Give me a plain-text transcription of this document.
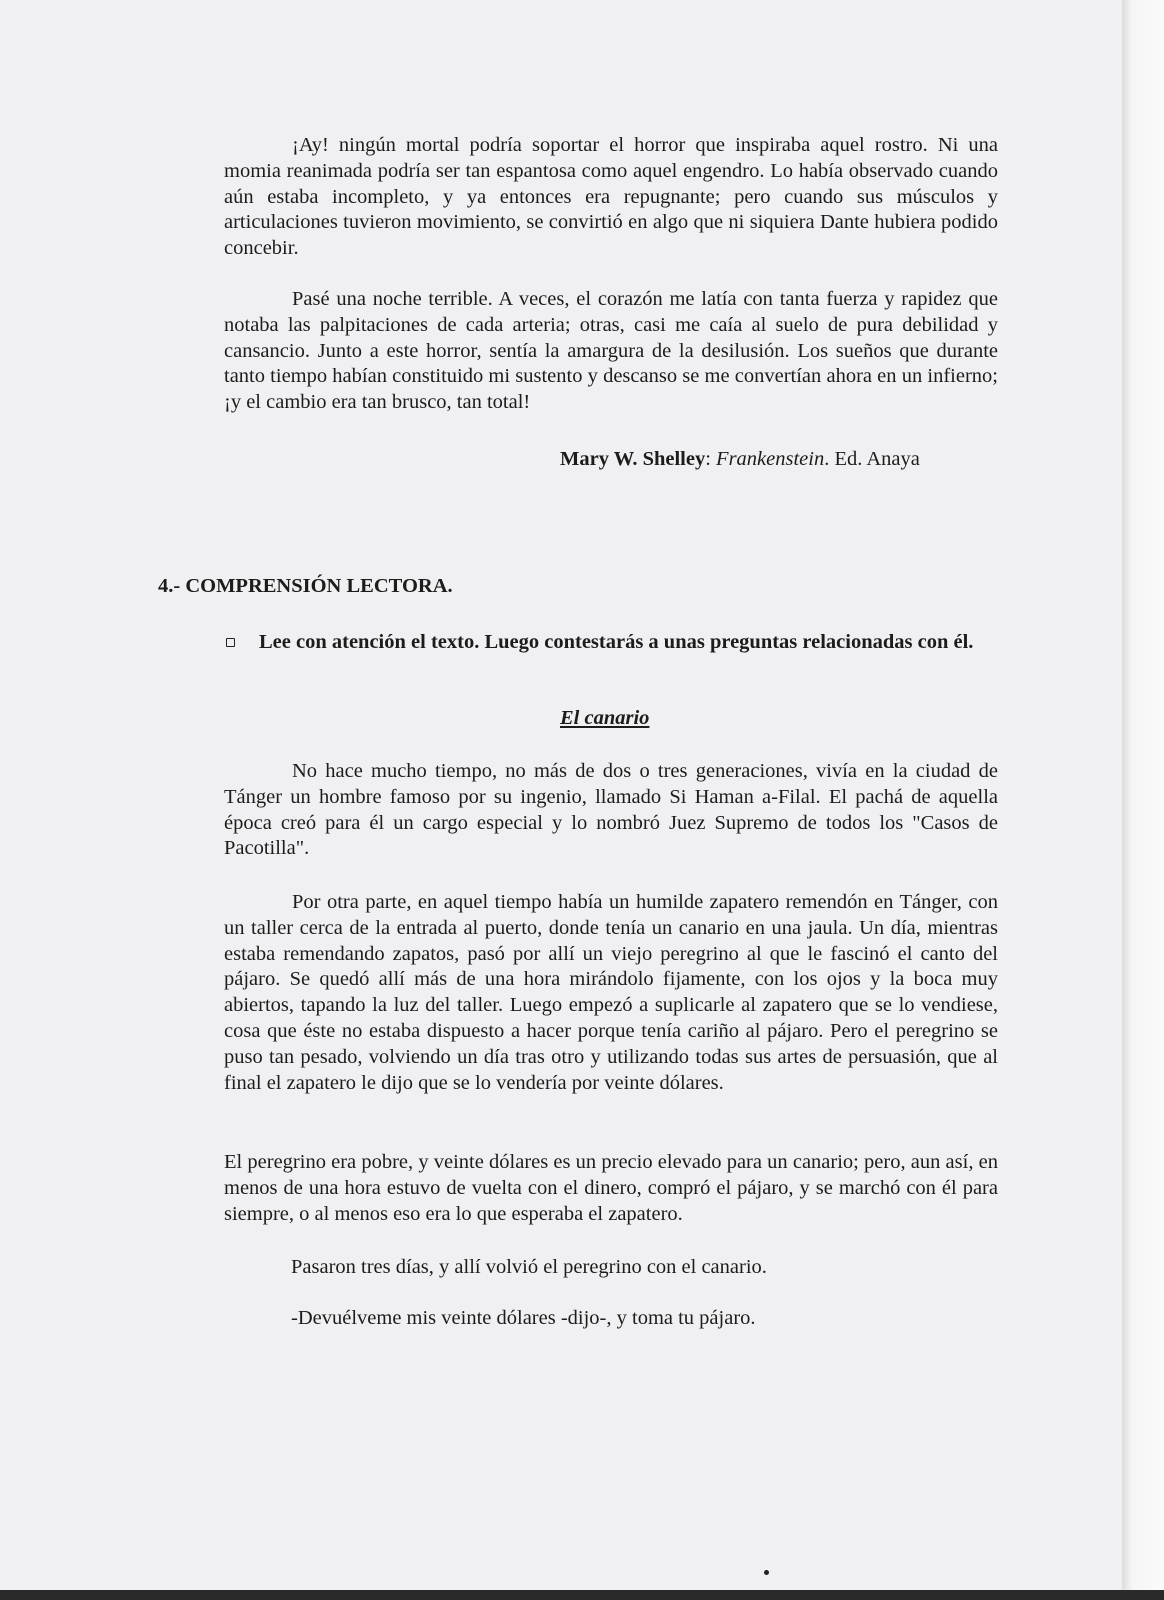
¡Ay! ningún mortal podría soportar el horror que inspiraba aquel rostro. Ni una momia reanimada podría ser tan espantosa como aquel engendro. Lo había observado cuando aún estaba incompleto, y ya entonces era repugnante; pero cuando sus músculos y articulaciones tuvieron movimiento, se convirtió en algo que ni siquiera Dante hubiera podido concebir.

Pasé una noche terrible. A veces, el corazón me latía con tanta fuerza y rapidez que notaba las palpitaciones de cada arteria; otras, casi me caía al suelo de pura debilidad y cansancio. Junto a este horror, sentía la amargura de la desilusión. Los sueños que durante tanto tiempo habían constituido mi sustento y descanso se me convertían ahora en un infierno; ¡y el cambio era tan brusco, tan total!

Mary W. Shelley: Frankenstein. Ed. Anaya
4.- COMPRENSIÓN LECTORA.

Lee con atención el texto. Luego contestarás a unas preguntas relacionadas con él.

El canario

No hace mucho tiempo, no más de dos o tres generaciones, vivía en la ciudad de Tánger un hombre famoso por su ingenio, llamado Si Haman a-Filal. El pachá de aquella época creó para él un cargo especial y lo nombró Juez Supremo de todos los "Casos de Pacotilla".

Por otra parte, en aquel tiempo había un humilde zapatero remendón en Tánger, con un taller cerca de la entrada al puerto, donde tenía un canario en una jaula. Un día, mientras estaba remendando zapatos, pasó por allí un viejo peregrino al que le fascinó el canto del pájaro. Se quedó allí más de una hora mirándolo fijamente, con los ojos y la boca muy abiertos, tapando la luz del taller. Luego empezó a suplicarle al zapatero que se lo vendiese, cosa que éste no estaba dispuesto a hacer porque tenía cariño al pájaro. Pero el peregrino se puso tan pesado, volviendo un día tras otro y utilizando todas sus artes de persuasión, que al final el zapatero le dijo que se lo vendería por veinte dólares.

El peregrino era pobre, y veinte dólares es un precio elevado para un canario; pero, aun así, en menos de una hora estuvo de vuelta con el dinero, compró el pájaro, y se marchó con él para siempre, o al menos eso era lo que esperaba el zapatero.

Pasaron tres días, y allí volvió el peregrino con el canario.

-Devuélveme mis veinte dólares -dijo-, y toma tu pájaro.
